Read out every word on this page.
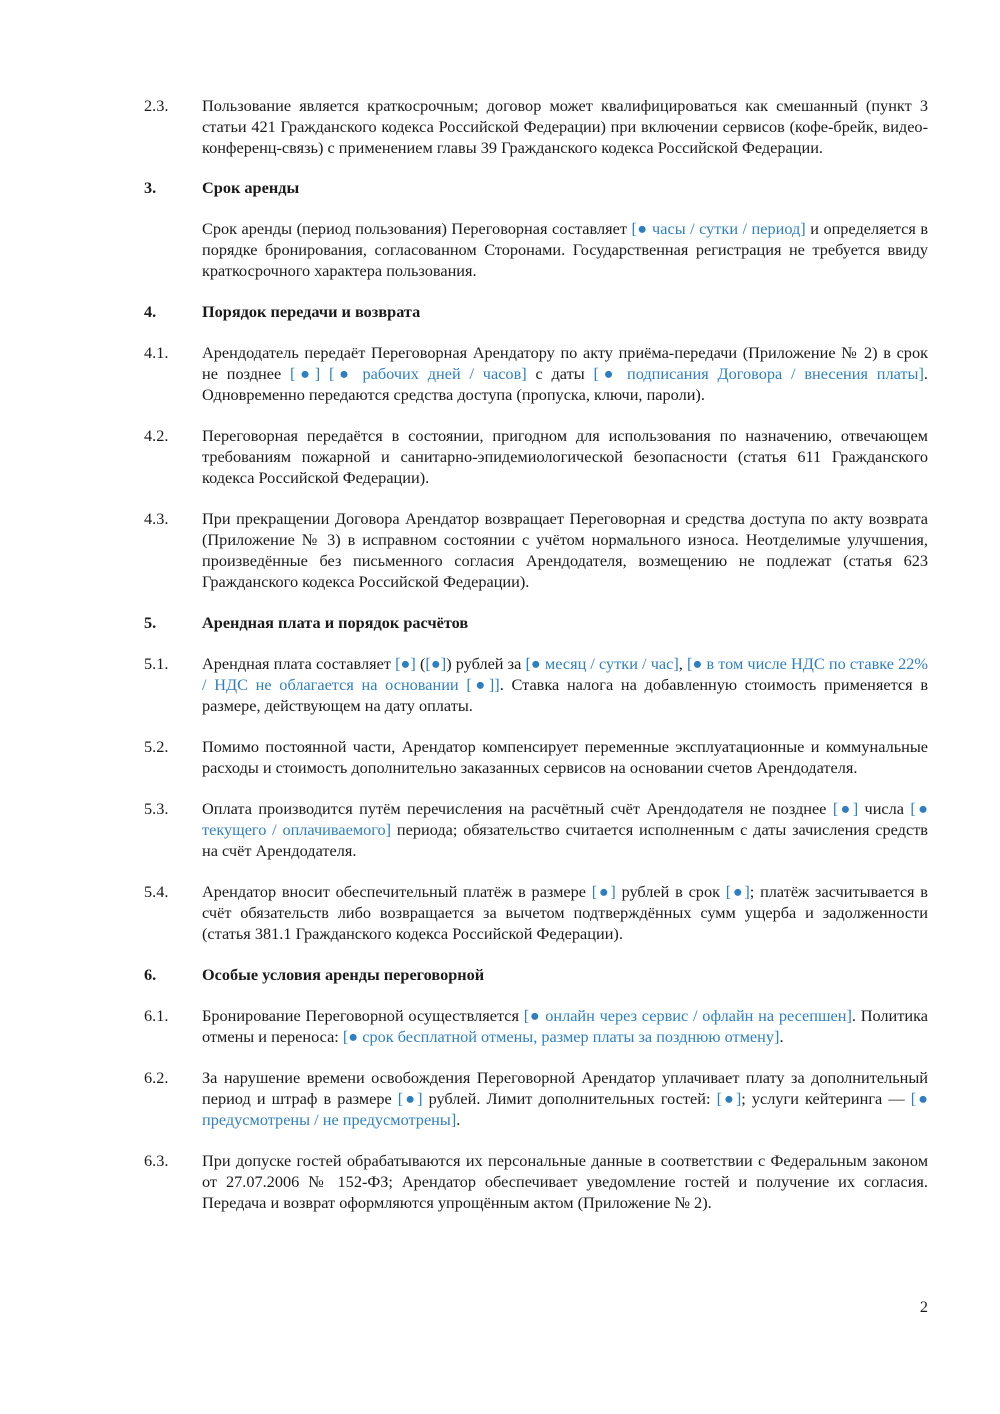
2.3.	Пользование является краткосрочным; договор может квалифицироваться как смешанный (пункт 3 статьи 421 Гражданского кодекса Российской Федерации) при включении сервисов (кофе-брейк, видео-конференц-связь) с применением главы 39 Гражданского кодекса Российской Федерации.
3.	Срок аренды
Срок аренды (период пользования) Переговорная составляет [● часы / сутки / период] и определяется в порядке бронирования, согласованном Сторонами. Государственная регистрация не требуется ввиду краткосрочного характера пользования.
4.	Порядок передачи и возврата
4.1.	Арендодатель передаёт Переговорная Арендатору по акту приёма-передачи (Приложение № 2) в срок не позднее [●] [● рабочих дней / часов] с даты [● подписания Договора / внесения платы]. Одновременно передаются средства доступа (пропуска, ключи, пароли).
4.2.	Переговорная передаётся в состоянии, пригодном для использования по назначению, отвечающем требованиям пожарной и санитарно-эпидемиологической безопасности (статья 611 Гражданского кодекса Российской Федерации).
4.3.	При прекращении Договора Арендатор возвращает Переговорная и средства доступа по акту возврата (Приложение № 3) в исправном состоянии с учётом нормального износа. Неотделимые улучшения, произведённые без письменного согласия Арендодателя, возмещению не подлежат (статья 623 Гражданского кодекса Российской Федерации).
5.	Арендная плата и порядок расчётов
5.1.	Арендная плата составляет [●] ([●]) рублей за [● месяц / сутки / час], [● в том числе НДС по ставке 22% / НДС не облагается на основании [●]]. Ставка налога на добавленную стоимость применяется в размере, действующем на дату оплаты.
5.2.	Помимо постоянной части, Арендатор компенсирует переменные эксплуатационные и коммунальные расходы и стоимость дополнительно заказанных сервисов на основании счетов Арендодателя.
5.3.	Оплата производится путём перечисления на расчётный счёт Арендодателя не позднее [●] числа [● текущего / оплачиваемого] периода; обязательство считается исполненным с даты зачисления средств на счёт Арендодателя.
5.4.	Арендатор вносит обеспечительный платёж в размере [●] рублей в срок [●]; платёж засчитывается в счёт обязательств либо возвращается за вычетом подтверждённых сумм ущерба и задолженности (статья 381.1 Гражданского кодекса Российской Федерации).
6.	Особые условия аренды переговорной
6.1.	Бронирование Переговорной осуществляется [● онлайн через сервис / офлайн на ресепшен]. Политика отмены и переноса: [● срок бесплатной отмены, размер платы за позднюю отмену].
6.2.	За нарушение времени освобождения Переговорной Арендатор уплачивает плату за дополнительный период и штраф в размере [●] рублей. Лимит дополнительных гостей: [●]; услуги кейтеринга — [● предусмотрены / не предусмотрены].
6.3.	При допуске гостей обрабатываются их персональные данные в соответствии с Федеральным законом от 27.07.2006 № 152-ФЗ; Арендатор обеспечивает уведомление гостей и получение их согласия. Передача и возврат оформляются упрощённым актом (Приложение № 2).
2
